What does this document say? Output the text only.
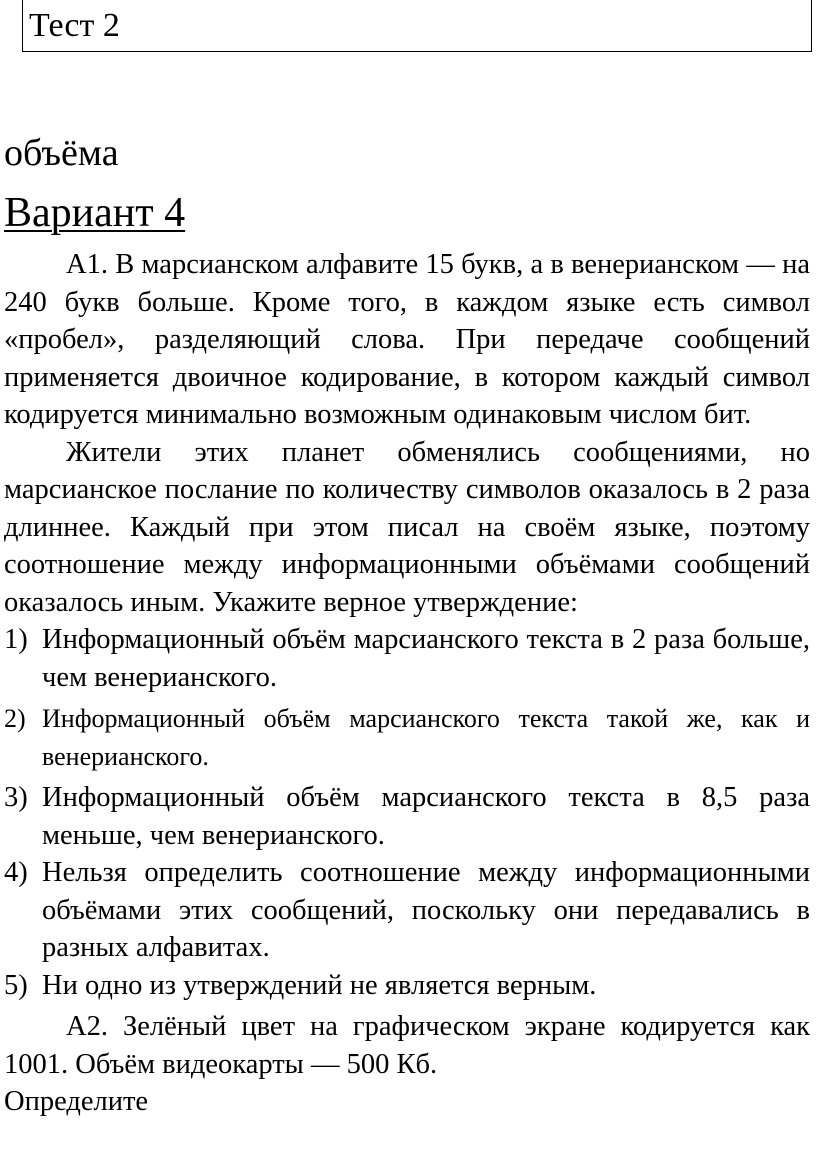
Тест 2
объёма
Вариант 4

А1. В марсианском алфавите 15 букв, а в венерианском — на 240 букв больше. Кроме того, в каждом языке есть символ «пробел», разделяющий слова. При передаче сообщений применяется двоичное кодирование, в котором каждый символ кодируется минимально возможным одинаковым числом бит.

Жители этих планет обменялись сообщениями, но марсианское послание по количеству символов оказалось в 2 раза длиннее. Каждый при этом писал на своём языке, поэтому соотношение между информационными объёмами сообщений оказалось иным. Укажите верное утверждение:

1) Информационный объём марсианского текста в 2 раза больше, чем венерианского.
2) Информационный объём марсианского текста такой же, как и венерианского.
3) Информационный объём марсианского текста в 8,5 раза меньше, чем венерианского.
4) Нельзя определить соотношение между информационными объёмами этих сообщений, поскольку они передавались в разных алфавитах.
5) Ни одно из утверждений не является верным.

А2. Зелёный цвет на графическом экране кодируется как 1001. Объём видеокарты — 500 Кб.

Определите
